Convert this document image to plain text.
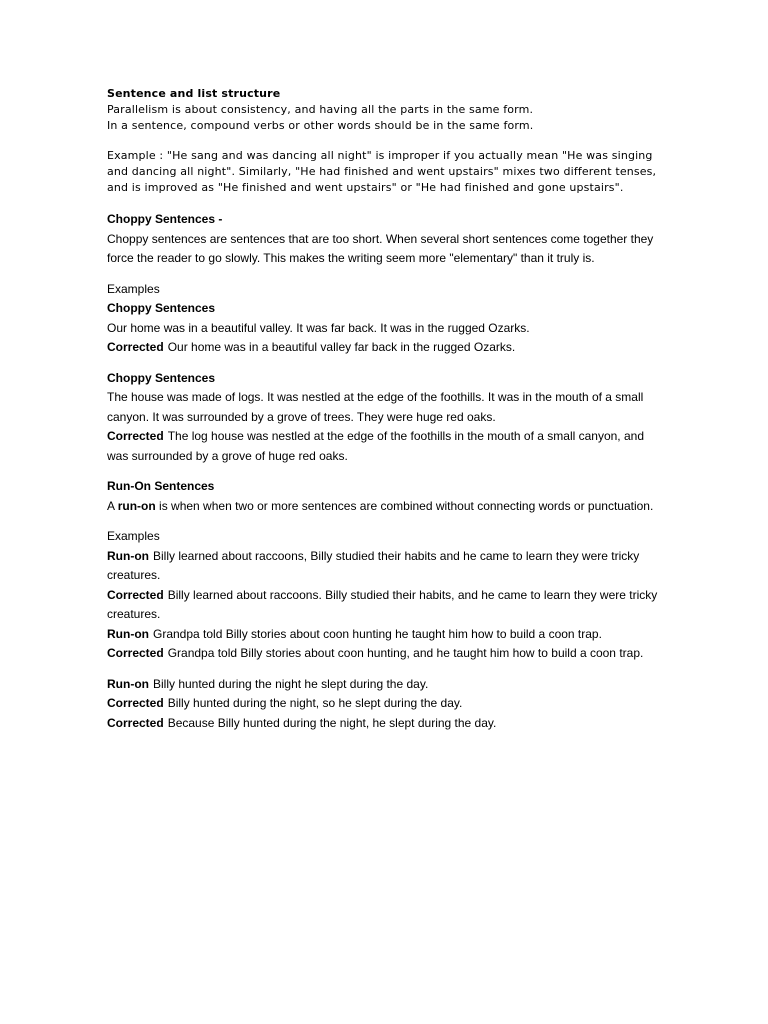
Sentence and list structure

Parallelism is about consistency, and having all the parts in the same form.

In a sentence, compound verbs or other words should be in the same form.

Example : "He sang and was dancing all night" is improper if you actually mean "He was singing and dancing all night". Similarly, "He had finished and went upstairs" mixes two different tenses, and is improved as "He finished and went upstairs" or "He had finished and gone upstairs".

Choppy Sentences -

Choppy sentences are sentences that are too short. When several short sentences come together they force the reader to go slowly. This makes the writing seem more "elementary" than it truly is.

Examples

Choppy Sentences

Our home was in a beautiful valley. It was far back. It was in the rugged Ozarks.

Corrected Our home was in a beautiful valley far back in the rugged Ozarks.

Choppy Sentences

The house was made of logs. It was nestled at the edge of the foothills. It was in the mouth of a small canyon. It was surrounded by a grove of trees. They were huge red oaks.

Corrected The log house was nestled at the edge of the foothills in the mouth of a small canyon, and was surrounded by a grove of huge red oaks.

Run-On Sentences

A run-on is when when two or more sentences are combined without connecting words or punctuation.

Examples

Run-on Billy learned about raccoons, Billy studied their habits and he came to learn they were tricky creatures.

Corrected Billy learned about raccoons. Billy studied their habits, and he came to learn they were tricky creatures.

Run-on Grandpa told Billy stories about coon hunting he taught him how to build a coon trap.

Corrected Grandpa told Billy stories about coon hunting, and he taught him how to build a coon trap.

Run-on Billy hunted during the night he slept during the day.

Corrected Billy hunted during the night, so he slept during the day.

Corrected Because Billy hunted during the night, he slept during the day.
